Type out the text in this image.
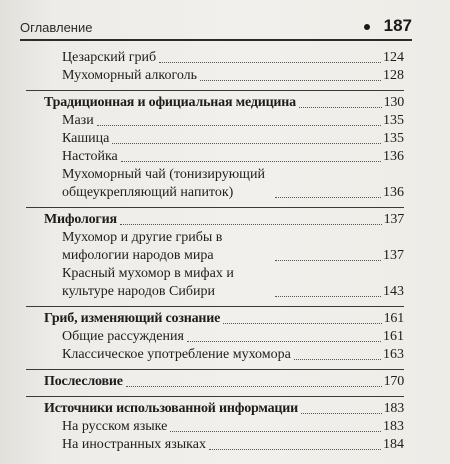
Оглавление	187
Цезарский гриб	124
Мухоморный алкоголь	128
Традиционная и официальная медицина	130
Мази	135
Кашица	135
Настойка	136
Мухоморный чай (тонизирующий общеукрепляющий напиток)	136
Мифология	137
Мухомор и другие грибы в мифологии народов мира	137
Красный мухомор в мифах и культуре народов Сибири	143
Гриб, изменяющий сознание	161
Общие рассуждения	161
Классическое употребление мухомора	163
Послесловие	170
Источники использованной информации	183
На русском языке	183
На иностранных языках	184
